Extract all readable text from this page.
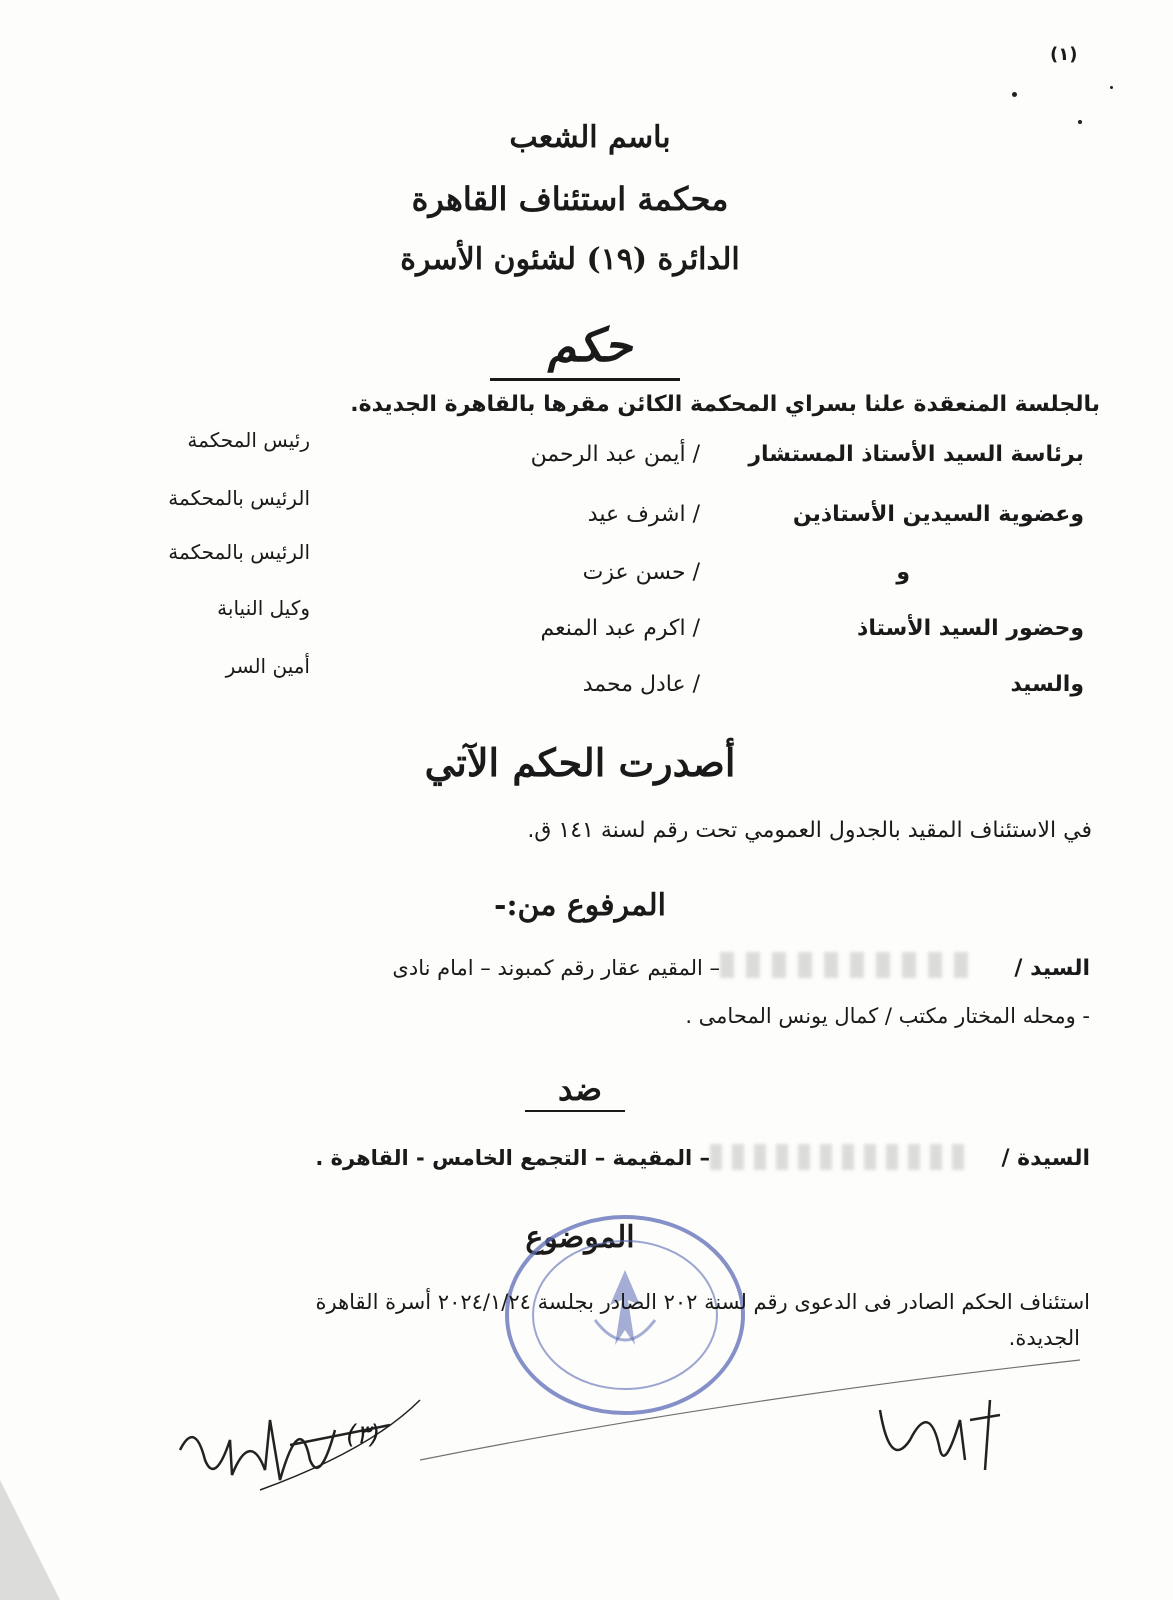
(١)
باسم الشعب
محكمة استئناف القاهرة
الدائرة (١٩) لشئون الأسرة
حكم
بالجلسة المنعقدة علنا بسراي المحكمة الكائن مقرها بالقاهرة الجديدة.
برئاسة السيد الأستاذ المستشار
/ أيمن عبد الرحمن
رئيس المحكمة
وعضوية السيدين الأستاذين
/ اشرف عيد
الرئيس بالمحكمة
و
/ حسن عزت
الرئيس بالمحكمة
وحضور السيد الأستاذ
/ اكرم عبد المنعم
وكيل النيابة
والسيد
/ عادل محمد
أمين السر
أصدرت الحكم الآتي
في الاستئناف المقيد بالجدول العمومي تحت رقم لسنة ١٤١ ق.
المرفوع من:-
السيد /
– المقيم عقار رقم كمبوند – امام نادى
- ومحله المختار مكتب / كمال يونس المحامى .
ضد
السيدة /
– المقيمة – التجمع الخامس - القاهرة .
الموضوع
استئناف الحكم الصادر فى الدعوى رقم لسنة ٢٠٢ الصادر بجلسة ٢٠٢٤/١/٢٤ أسرة القاهرة
الجديدة.
(٣)
